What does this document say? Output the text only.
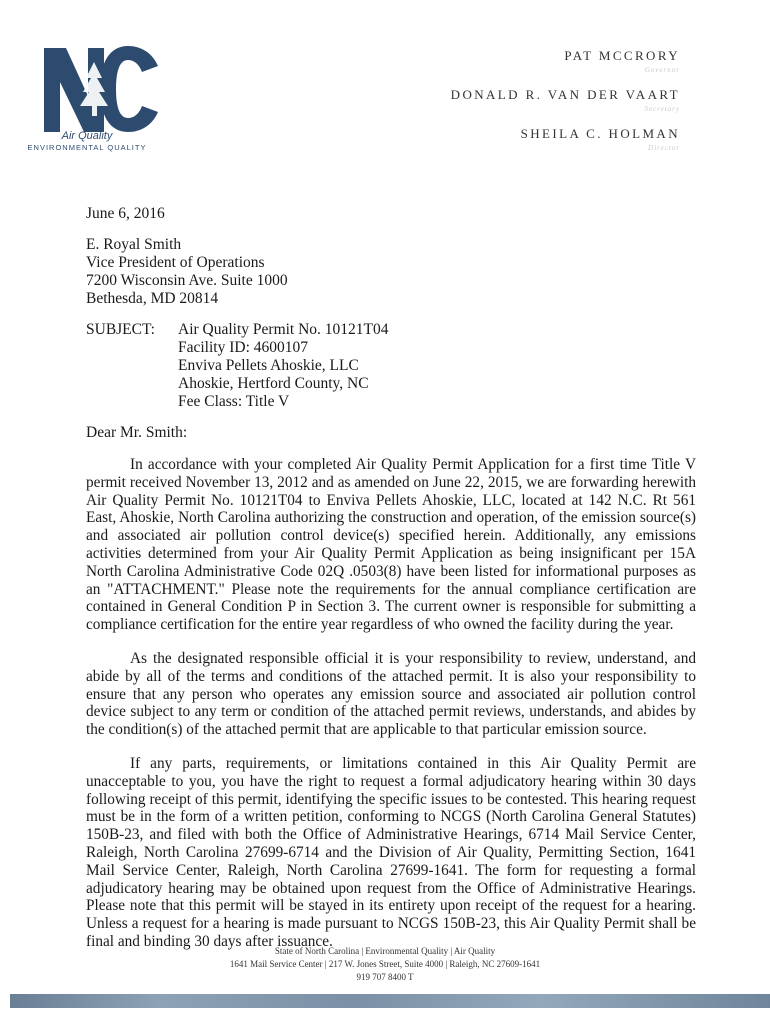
Air Quality
ENVIRONMENTAL QUALITY
PAT MCCRORY
Governor
DONALD R. VAN DER VAART
Secretary
SHEILA C. HOLMAN
Director
June 6, 2016
E. Royal Smith
Vice President of Operations
7200 Wisconsin Ave. Suite 1000
Bethesda, MD 20814
SUBJECT:	Air Quality Permit No. 10121T04
Facility ID: 4600107
Enviva Pellets Ahoskie, LLC
Ahoskie, Hertford County, NC
Fee Class: Title V
Dear Mr. Smith:

In accordance with your completed Air Quality Permit Application for a first time Title V permit received November 13, 2012 and as amended on June 22, 2015, we are forwarding herewith Air Quality Permit No. 10121T04 to Enviva Pellets Ahoskie, LLC, located at 142 N.C. Rt 561 East, Ahoskie, North Carolina authorizing the construction and operation, of the emission source(s) and associated air pollution control device(s) specified herein. Additionally, any emissions activities determined from your Air Quality Permit Application as being insignificant per 15A North Carolina Administrative Code 02Q .0503(8) have been listed for informational purposes as an "ATTACHMENT." Please note the requirements for the annual compliance certification are contained in General Condition P in Section 3. The current owner is responsible for submitting a compliance certification for the entire year regardless of who owned the facility during the year.

As the designated responsible official it is your responsibility to review, understand, and abide by all of the terms and conditions of the attached permit. It is also your responsibility to ensure that any person who operates any emission source and associated air pollution control device subject to any term or condition of the attached permit reviews, understands, and abides by the condition(s) of the attached permit that are applicable to that particular emission source.

If any parts, requirements, or limitations contained in this Air Quality Permit are unacceptable to you, you have the right to request a formal adjudicatory hearing within 30 days following receipt of this permit, identifying the specific issues to be contested. This hearing request must be in the form of a written petition, conforming to NCGS (North Carolina General Statutes) 150B-23, and filed with both the Office of Administrative Hearings, 6714 Mail Service Center, Raleigh, North Carolina 27699-6714 and the Division of Air Quality, Permitting Section, 1641 Mail Service Center, Raleigh, North Carolina 27699-1641. The form for requesting a formal adjudicatory hearing may be obtained upon request from the Office of Administrative Hearings. Please note that this permit will be stayed in its entirety upon receipt of the request for a hearing. Unless a request for a hearing is made pursuant to NCGS 150B-23, this Air Quality Permit shall be final and binding 30 days after issuance.

State of North Carolina | Environmental Quality | Air Quality
1641 Mail Service Center | 217 W. Jones Street, Suite 4000 | Raleigh, NC 27609-1641
919 707 8400 T
